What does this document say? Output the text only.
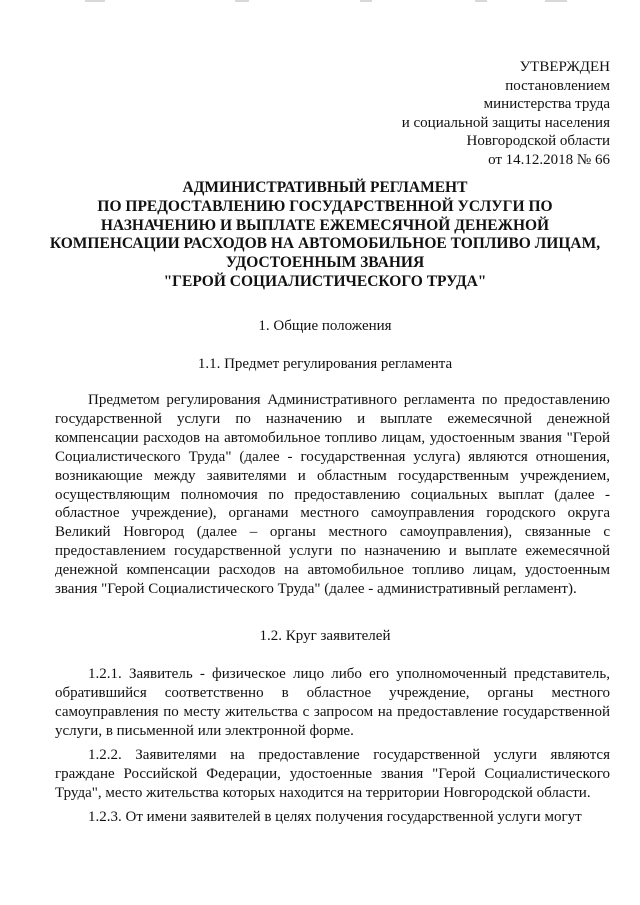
УТВЕРЖДЕН
постановлением
министерства труда
и социальной защиты населения
Новгородской области
от 14.12.2018 № 66
АДМИНИСТРАТИВНЫЙ РЕГЛАМЕНТ
ПО ПРЕДОСТАВЛЕНИЮ ГОСУДАРСТВЕННОЙ УСЛУГИ ПО
НАЗНАЧЕНИЮ И ВЫПЛАТЕ ЕЖЕМЕСЯЧНОЙ ДЕНЕЖНОЙ
КОМПЕНСАЦИИ РАСХОДОВ НА АВТОМОБИЛЬНОЕ ТОПЛИВО ЛИЦАМ,
УДОСТОЕННЫМ ЗВАНИЯ
"ГЕРОЙ СОЦИАЛИСТИЧЕСКОГО ТРУДА"
1. Общие положения
1.1. Предмет регулирования регламента
Предметом регулирования Административного регламента по предоставлению государственной услуги по назначению и выплате ежемесячной денежной компенсации расходов на автомобильное топливо лицам, удостоенным звания "Герой Социалистического Труда" (далее - государственная услуга) являются отношения, возникающие между заявителями и областным государственным учреждением, осуществляющим полномочия по предоставлению социальных выплат (далее - областное учреждение), органами местного самоуправления городского округа Великий Новгород (далее – органы местного самоуправления), связанные с предоставлением государственной услуги по назначению и выплате ежемесячной денежной компенсации расходов на автомобильное топливо лицам, удостоенным звания "Герой Социалистического Труда" (далее - административный регламент).
1.2. Круг заявителей
1.2.1. Заявитель - физическое лицо либо его уполномоченный представитель, обратившийся соответственно в областное учреждение, органы местного самоуправления по месту жительства с запросом на предоставление государственной услуги, в письменной или электронной форме.
1.2.2. Заявителями на предоставление государственной услуги являются граждане Российской Федерации, удостоенные звания "Герой Социалистического Труда", место жительства которых находится на территории Новгородской области.
1.2.3. От имени заявителей в целях получения государственной услуги могут
